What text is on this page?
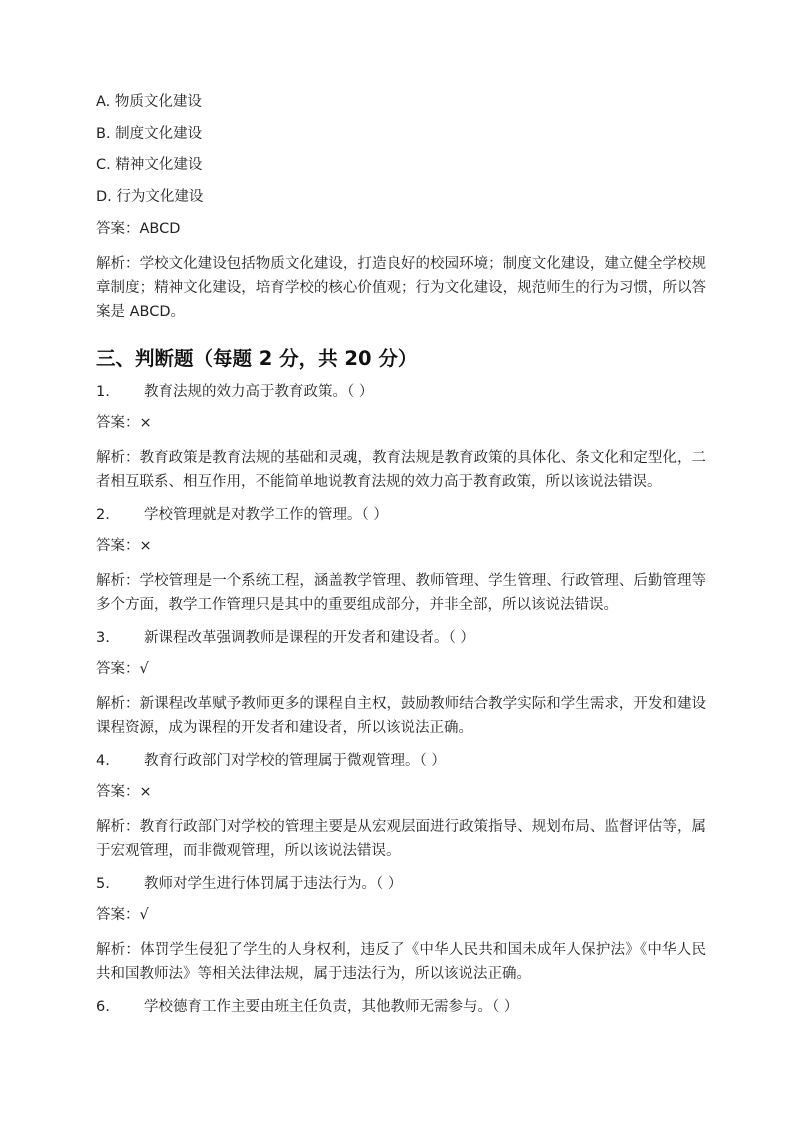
A. 物质文化建设

B. 制度文化建设

C. 精神文化建设

D. 行为文化建设

答案：ABCD

解析：学校文化建设包括物质文化建设，打造良好的校园环境；制度文化建设，建立健全学校规章制度；精神文化建设，培育学校的核心价值观；行为文化建设，规范师生的行为习惯，所以答案是 ABCD。

三、判断题（每题 2 分，共 20 分）

1. 教育法规的效力高于教育政策。（ ）

答案：×

解析：教育政策是教育法规的基础和灵魂，教育法规是教育政策的具体化、条文化和定型化，二者相互联系、相互作用，不能简单地说教育法规的效力高于教育政策，所以该说法错误。

2. 学校管理就是对教学工作的管理。（ ）

答案：×

解析：学校管理是一个系统工程，涵盖教学管理、教师管理、学生管理、行政管理、后勤管理等多个方面，教学工作管理只是其中的重要组成部分，并非全部，所以该说法错误。

3. 新课程改革强调教师是课程的开发者和建设者。（ ）

答案：√

解析：新课程改革赋予教师更多的课程自主权，鼓励教师结合教学实际和学生需求，开发和建设课程资源，成为课程的开发者和建设者，所以该说法正确。

4. 教育行政部门对学校的管理属于微观管理。（ ）

答案：×

解析：教育行政部门对学校的管理主要是从宏观层面进行政策指导、规划布局、监督评估等，属于宏观管理，而非微观管理，所以该说法错误。

5. 教师对学生进行体罚属于违法行为。（ ）

答案：√

解析：体罚学生侵犯了学生的人身权利，违反了《中华人民共和国未成年人保护法》《中华人民共和国教师法》等相关法律法规，属于违法行为，所以该说法正确。

6. 学校德育工作主要由班主任负责，其他教师无需参与。（ ）
